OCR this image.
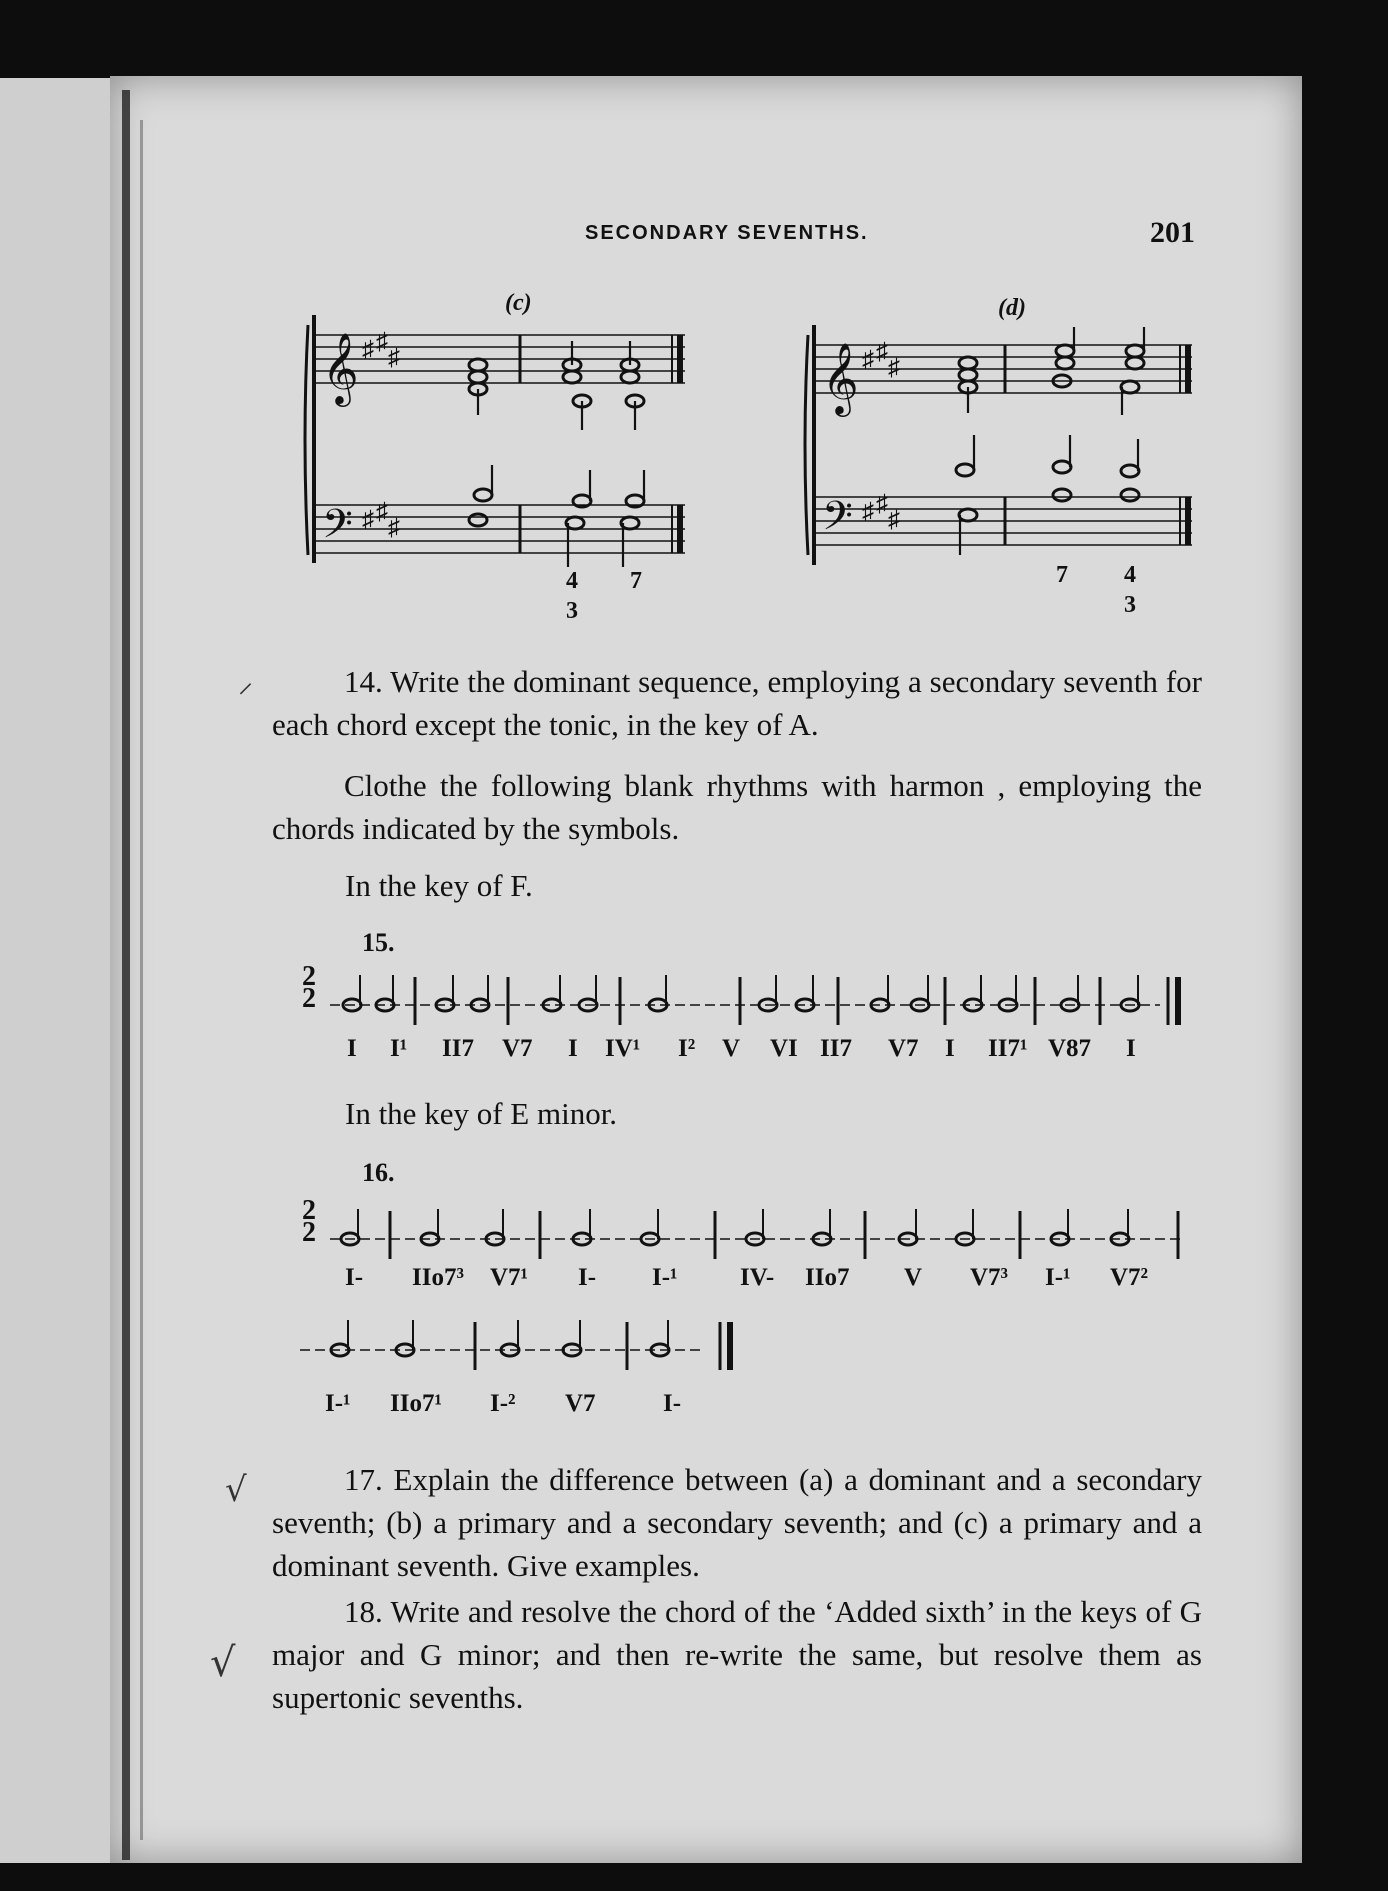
SECONDARY SEVENTHS.	201
(c)
𝄞
𝄢
♯ ♯
♯
♯ ♯
♯
4
3
7
(d)
𝄞
𝄢
♯ ♯
♯
♯ ♯
♯
7 4
3
14. Write the dominant sequence, employing a secondary seventh for each chord except the tonic, in the key of A.
Clothe the following blank rhythms with harmon , employing the chords indicated by the symbols.
In the key of F.
15.
2
2
I I¹ II7 V7 I IV¹ I² V VI II7 V7 I II7¹ V87 I
In the key of E minor.
16.
2
2
I- IIo7³ V7¹ I- I-¹ IV- IIo7 V V7³ I-¹ V7²
I-¹ IIo7¹ I-² V7	I-
17. Explain the difference between (a) a dominant and a secondary seventh; (b) a primary and a secondary seventh; and (c) a primary and a dominant seventh. Give examples.
18. Write and resolve the chord of the ‘Added sixth’ in the keys of G major and G minor; and then re-write the same, but resolve them as supertonic sevenths.
⸝
√
√
